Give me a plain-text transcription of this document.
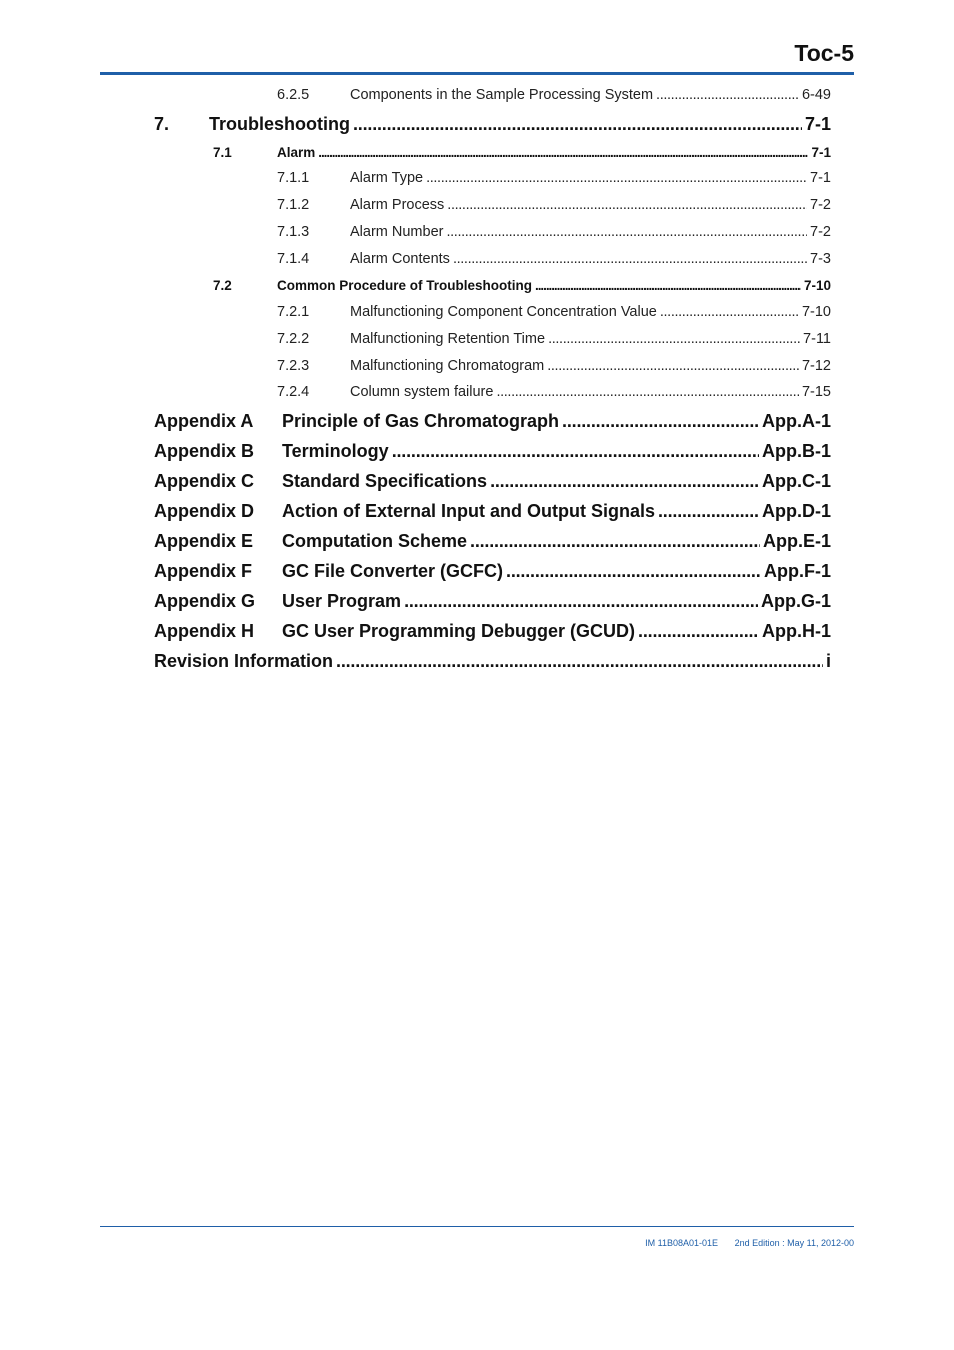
Toc-5
6.2.5	Components in the Sample Processing System . . .	6-49
7.	Troubleshooting . . .	7-1
7.1	Alarm . . .	7-1
7.1.1	Alarm Type . . .	7-1
7.1.2	Alarm Process . . .	7-2
7.1.3	Alarm Number . . .	7-2
7.1.4	Alarm Contents . . .	7-3
7.2	Common Procedure of Troubleshooting . . .	7-10
7.2.1	Malfunctioning Component Concentration Value . . .	7-10
7.2.2	Malfunctioning Retention Time . . .	7-11
7.2.3	Malfunctioning Chromatogram . . .	7-12
7.2.4	Column system failure . . .	7-15
Appendix A	Principle of Gas Chromatograph . . .	App.A-1
Appendix B	Terminology . . .	App.B-1
Appendix C	Standard Specifications . . .	App.C-1
Appendix D	Action of External Input and Output Signals . . .	App.D-1
Appendix E	Computation Scheme . . .	App.E-1
Appendix F	GC File Converter (GCFC) . . .	App.F-1
Appendix G	User Program . . .	App.G-1
Appendix H	GC User Programming Debugger (GCUD) . . .	App.H-1
Revision Information . . .	i
IM 11B08A01-01E 2nd Edition : May 11, 2012-00
